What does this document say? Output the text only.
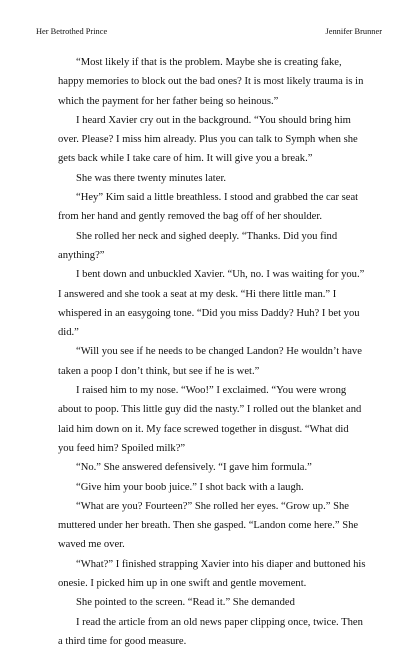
Her Betrothed Prince	Jennifer Brunner

“Most likely if that is the problem. Maybe she is creating fake, happy memories to block out the bad ones? It is most likely trauma is in which the payment for her father being so heinous.”

I heard Xavier cry out in the background. “You should bring him over. Please? I miss him already. Plus you can talk to Symph when she gets back while I take care of him. It will give you a break.”

She was there twenty minutes later.

“Hey” Kim said a little breathless. I stood and grabbed the car seat from her hand and gently removed the bag off of her shoulder.

She rolled her neck and sighed deeply. “Thanks. Did you find anything?”

I bent down and unbuckled Xavier. “Uh, no. I was waiting for you.” I answered and she took a seat at my desk. “Hi there little man.” I whispered in an easygoing tone. “Did you miss Daddy? Huh? I bet you did.”

“Will you see if he needs to be changed Landon? He wouldn’t have taken a poop I don’t think, but see if he is wet.”

I raised him to my nose. “Woo!” I exclaimed. “You were wrong about to poop. This little guy did the nasty.” I rolled out the blanket and laid him down on it. My face screwed together in disgust. “What did you feed him? Spoiled milk?”

“No.” She answered defensively. “I gave him formula.”

“Give him your boob juice.” I shot back with a laugh.

“What are you? Fourteen?” She rolled her eyes. “Grow up.” She muttered under her breath. Then she gasped. “Landon come here.” She waved me over.

“What?” I finished strapping Xavier into his diaper and buttoned his onesie. I picked him up in one swift and gentle movement.

She pointed to the screen. “Read it.” She demanded

I read the article from an old news paper clipping once, twice. Then a third time for good measure.
